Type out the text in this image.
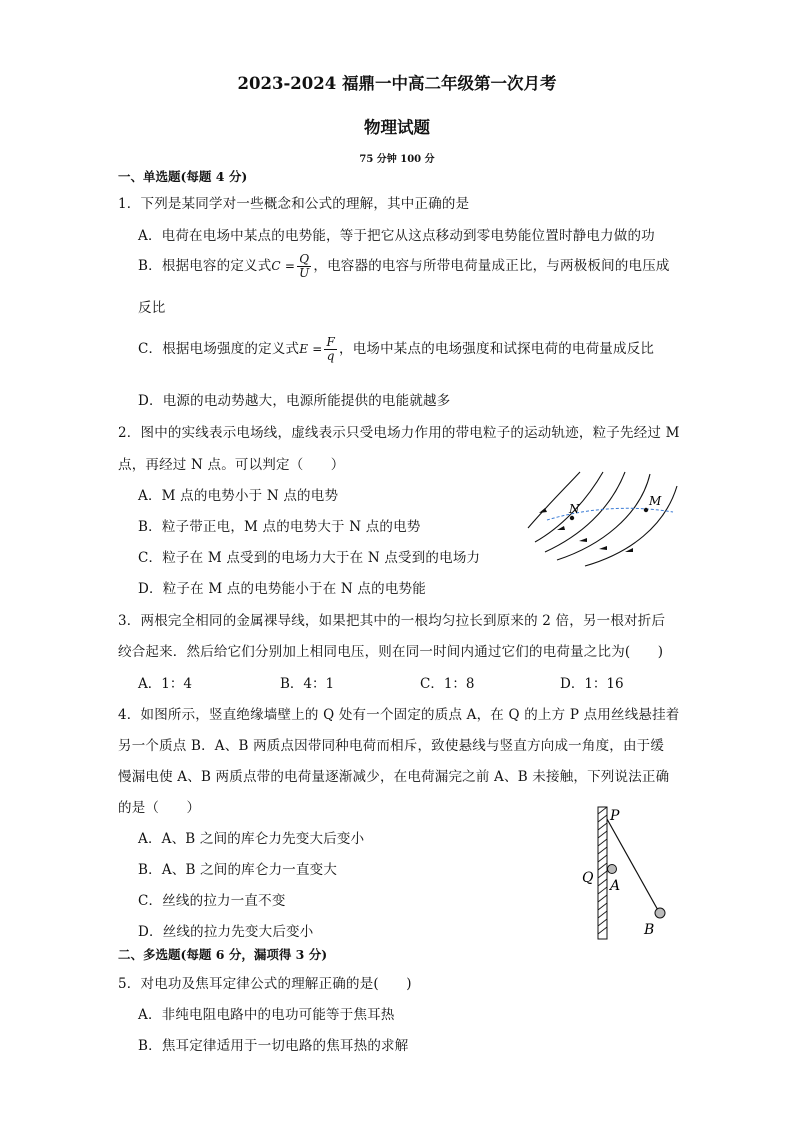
2023-2024 福鼎一中高二年级第一次月考
物理试题
75 分钟 100 分
一、单选题(每题 4 分)
1．下列是某同学对一些概念和公式的理解，其中正确的是
A．电荷在电场中某点的电势能，等于把它从这点移动到零电势能位置时静电力做的功
B．根据电容的定义式$C = \frac{Q}{U}$ ，电容器的电容与所带电荷量成正比，与两极板间的电压成
反比
C．根据电场强度的定义式$E = \frac{F}{q}$ ，电场中某点的电场强度和试探电荷的电荷量成反比
D．电源的电动势越大，电源所能提供的电能就越多
2．图中的实线表示电场线，虚线表示只受电场力作用的带电粒子的运动轨迹，粒子先经过 M
点，再经过 N 点。可以判定（　　）
A．M 点的电势小于 N 点的电势
B．粒子带正电，M 点的电势大于 N 点的电势
C．粒子在 M 点受到的电场力大于在 N 点受到的电场力
D．粒子在 M 点的电势能小于在 N 点的电势能
N
M
3．两根完全相同的金属裸导线，如果把其中的一根均匀拉长到原来的 2 倍，另一根对折后
绞合起来．然后给它们分别加上相同电压，则在同一时间内通过它们的电荷量之比为(　　)
A．1：4	B．4：1	C．1：8	D．1：16
4．如图所示，竖直绝缘墙壁上的 Q 处有一个固定的质点 A，在 Q 的上方 P 点用丝线悬挂着
另一个质点 B．A、B 两质点因带同种电荷而相斥，致使悬线与竖直方向成一角度，由于缓
慢漏电使 A、B 两质点带的电荷量逐渐减少，在电荷漏完之前 A、B 未接触，下列说法正确
的是（　　）
A．A、B 之间的库仑力先变大后变小
B．A、B 之间的库仑力一直变大
C．丝线的拉力一直不变
D．丝线的拉力先变大后变小
P
Q A
B
二、多选题(每题 6 分，漏项得 3 分)
5．对电功及焦耳定律公式的理解正确的是(　　)
A．非纯电阻电路中的电功可能等于焦耳热
B．焦耳定律适用于一切电路的焦耳热的求解
